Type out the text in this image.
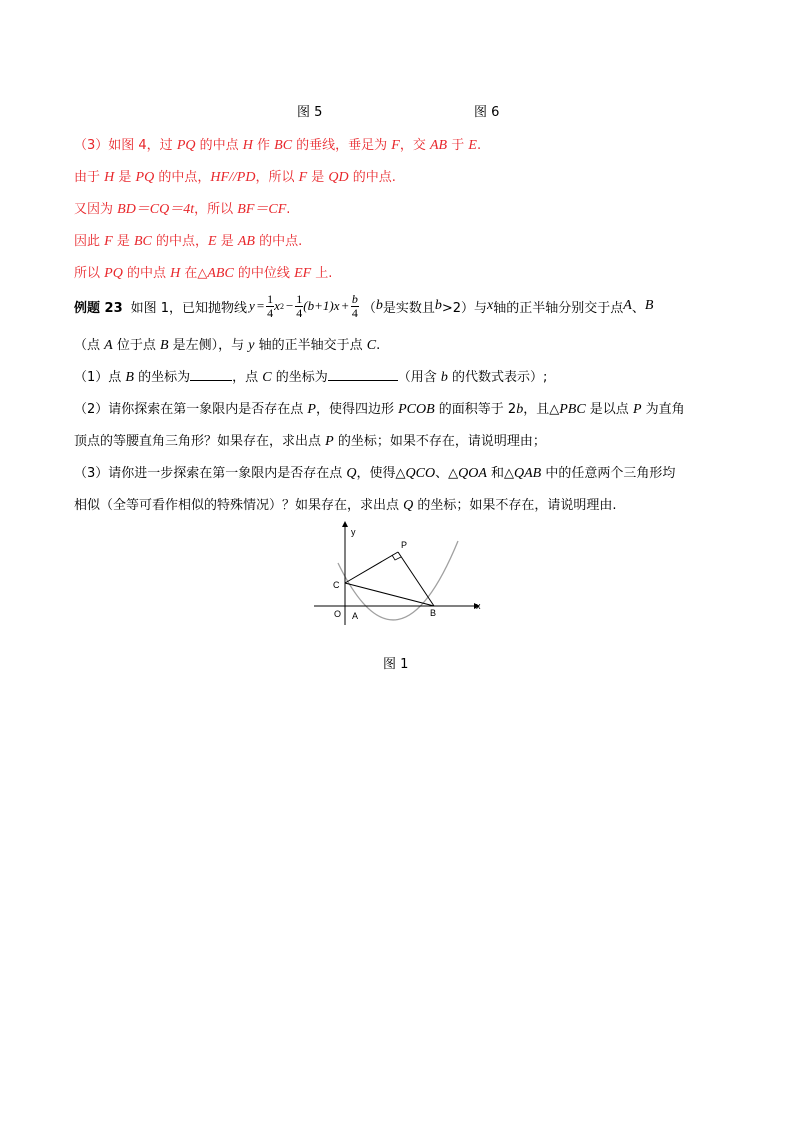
图 5	图 6
（3）如图 4，过 PQ 的中点 H 作 BC 的垂线，垂足为 F，交 AB 于 E.
由于 H 是 PQ 的中点，HF//PD，所以 F 是 QD 的中点.
又因为 BD＝CQ＝4t，所以 BF＝CF.
因此 F 是 BC 的中点，E 是 AB 的中点.
所以 PQ 的中点 H 在△ABC 的中位线 EF 上.
例题 23 如图 1，已知抛物线 $y = \frac{1}{4}$ x $2 - \frac{1}{4} (b+1)x + \frac{b}{4}$ （ b 是实数且 b >2）与 x 轴的正半轴分别交于点 A 、 B
（点 A 位于点 B 是左侧），与 y 轴的正半轴交于点 C.
（1）点 B 的坐标为	，点 C 的坐标为	（用含 b 的代数式表示）;
（2）请你探索在第一象限内是否存在点 P，使得四边形 PCOB 的面积等于 2b，且△PBC 是以点 P 为直角
顶点的等腰直角三角形？如果存在，求出点 P 的坐标；如果不存在，请说明理由；
（3）请你进一步探索在第一象限内是否存在点 Q，使得△QCO、△QOA 和△QAB 中的任意两个三角形均
相似（全等可看作相似的特殊情况）？如果存在，求出点 Q 的坐标；如果不存在，请说明理由.
y
x
P
C
O A	B
图 1
